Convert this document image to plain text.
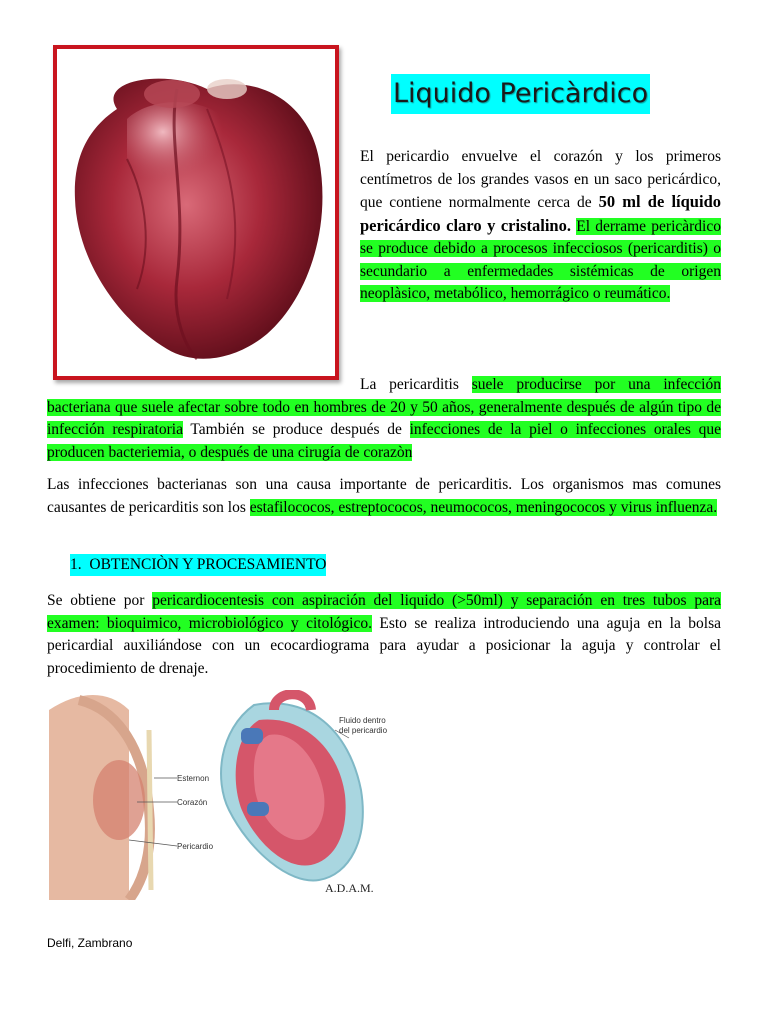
Liquido Pericàrdico
El pericardio envuelve el corazón y los primeros centímetros de los grandes vasos en un saco pericárdico, que contiene normalmente cerca de 50 ml de líquido pericárdico claro y cristalino. El derrame pericàrdico se produce debido a procesos infecciosos (pericarditis) o secundario a enfermedades sistémicas de origen neoplàsico, metabólico, hemorrágico o reumático.
La pericarditis suele producirse por una infección bacteriana que suele afectar sobre todo en hombres de 20 y 50 años, generalmente después de algún tipo de infección respiratoria También se produce después de infecciones de la piel o infecciones orales que producen bacteriemia, o después de una cirugía de corazòn
Las infecciones bacterianas son una causa importante de pericarditis. Los organismos mas comunes causantes de pericarditis son los estafilococos, estreptococos, neumococos, meningococos y virus influenza.
1. OBTENCIÒN Y PROCESAMIENTO
Se obtiene por pericardiocentesis con aspiración del liquido (>50ml) y separación en tres tubos para examen: bioquimico, microbiológico y citológico. Esto se realiza introduciendo una aguja en la bolsa pericardial auxiliándose con un ecocardiograma para ayudar a posicionar la aguja y controlar el procedimiento de drenaje.
Esternon
Corazón
Pericardio
Fluido dentro
del pericardio
A.D.A.M.
Delfi, Zambrano
